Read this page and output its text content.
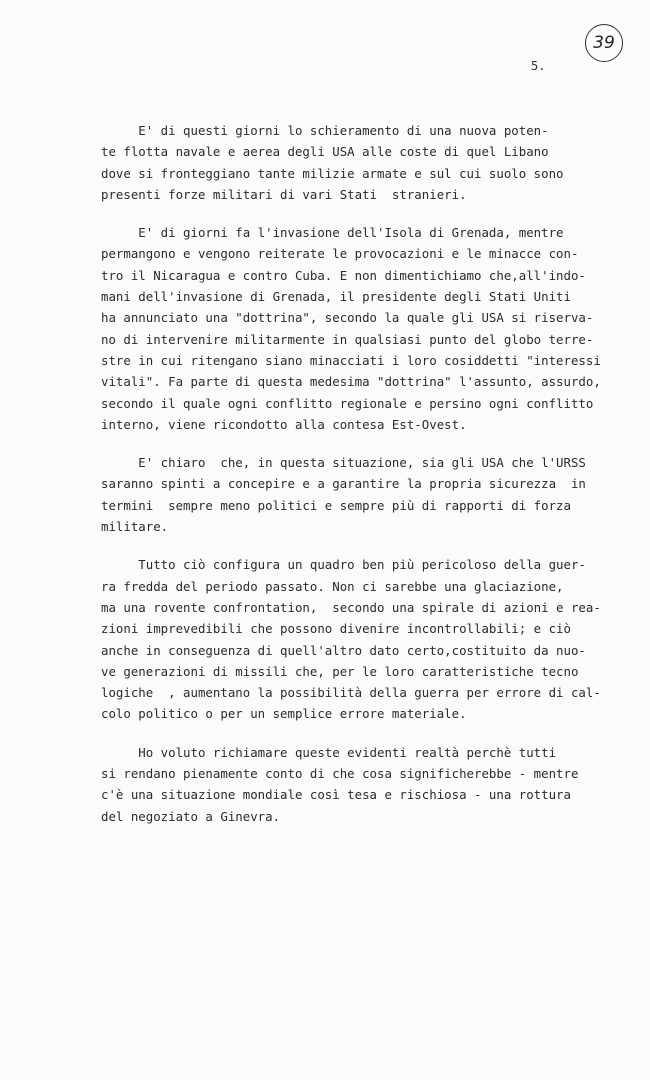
39
5.

E' di questi giorni lo schieramento di una nuova poten-
te flotta navale e aerea degli USA alle coste di quel Libano
dove si fronteggiano tante milizie armate e sul cui suolo sono
presenti forze militari di vari Stati  stranieri.

E' di giorni fa l'invasione dell'Isola di Grenada, mentre
permangono e vengono reiterate le provocazioni e le minacce con-
tro il Nicaragua e contro Cuba. E non dimentichiamo che,all'indo-
mani dell'invasione di Grenada, il presidente degli Stati Uniti
ha annunciato una "dottrina", secondo la quale gli USA si riserva-
no di intervenire militarmente in qualsiasi punto del globo terre-
stre in cui ritengano siano minacciati i loro cosiddetti "interessi
vitali". Fa parte di questa medesima "dottrina" l'assunto, assurdo,
secondo il quale ogni conflitto regionale e persino ogni conflitto
interno, viene ricondotto alla contesa Est-Ovest.

E' chiaro  che, in questa situazione, sia gli USA che l'URSS
saranno spinti a concepire e a garantire la propria sicurezza  in
termini  sempre meno politici e sempre più di rapporti di forza
militare.

Tutto ciò configura un quadro ben più pericoloso della guer-
ra fredda del periodo passato. Non ci sarebbe una glaciazione,
ma una rovente confrontation,  secondo una spirale di azioni e rea-
zioni imprevedibili che possono divenire incontrollabili; e ciò
anche in conseguenza di quell'altro dato certo,costituito da nuo-
ve generazioni di missili che, per le loro caratteristiche tecno
logiche  , aumentano la possibilità della guerra per errore di cal-
colo politico o per un semplice errore materiale.

Ho voluto richiamare queste evidenti realtà perchè tutti
si rendano pienamente conto di che cosa significherebbe - mentre
c'è una situazione mondiale così tesa e rischiosa - una rottura
del negoziato a Ginevra.
